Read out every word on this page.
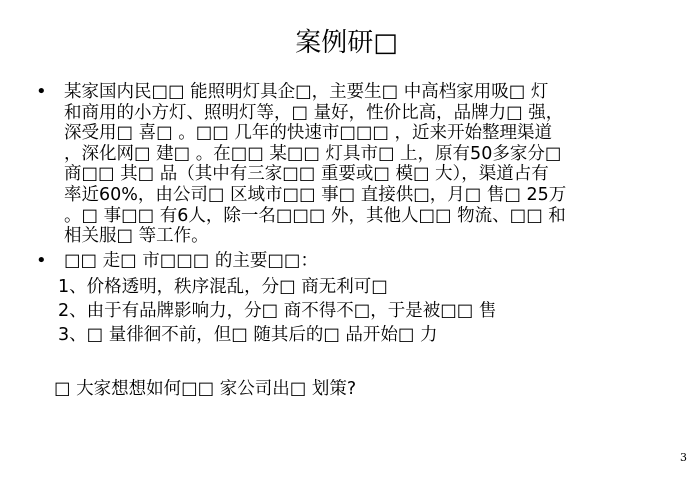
案例研□
• 某家国内民□□ 能照明灯具企□，主要生□ 中高档家用吸□ 灯
和商用的小方灯、照明灯等，□ 量好，性价比高，品牌力□ 强，
深受用□ 喜□ 。□□ 几年的快速市□□□ ，近来开始整理渠道
，深化网□ 建□ 。在□□ 某□□ 灯具市□ 上，原有50多家分□
商□□ 其□ 品（其中有三家□□ 重要或□ 模□ 大），渠道占有
率近60%，由公司□ 区域市□□ 事□ 直接供□，月□ 售□ 25万
。□ 事□□ 有6人，除一名□□□ 外，其他人□□ 物流、□□ 和
相关服□ 等工作。
• □□ 走□ 市□□□ 的主要□□：
1、价格透明，秩序混乱，分□ 商无利可□
2、由于有品牌影响力，分□ 商不得不□，于是被□□ 售
3、□ 量徘徊不前，但□ 随其后的□ 品开始□ 力
□ 大家想想如何□□ 家公司出□ 划策?
3
